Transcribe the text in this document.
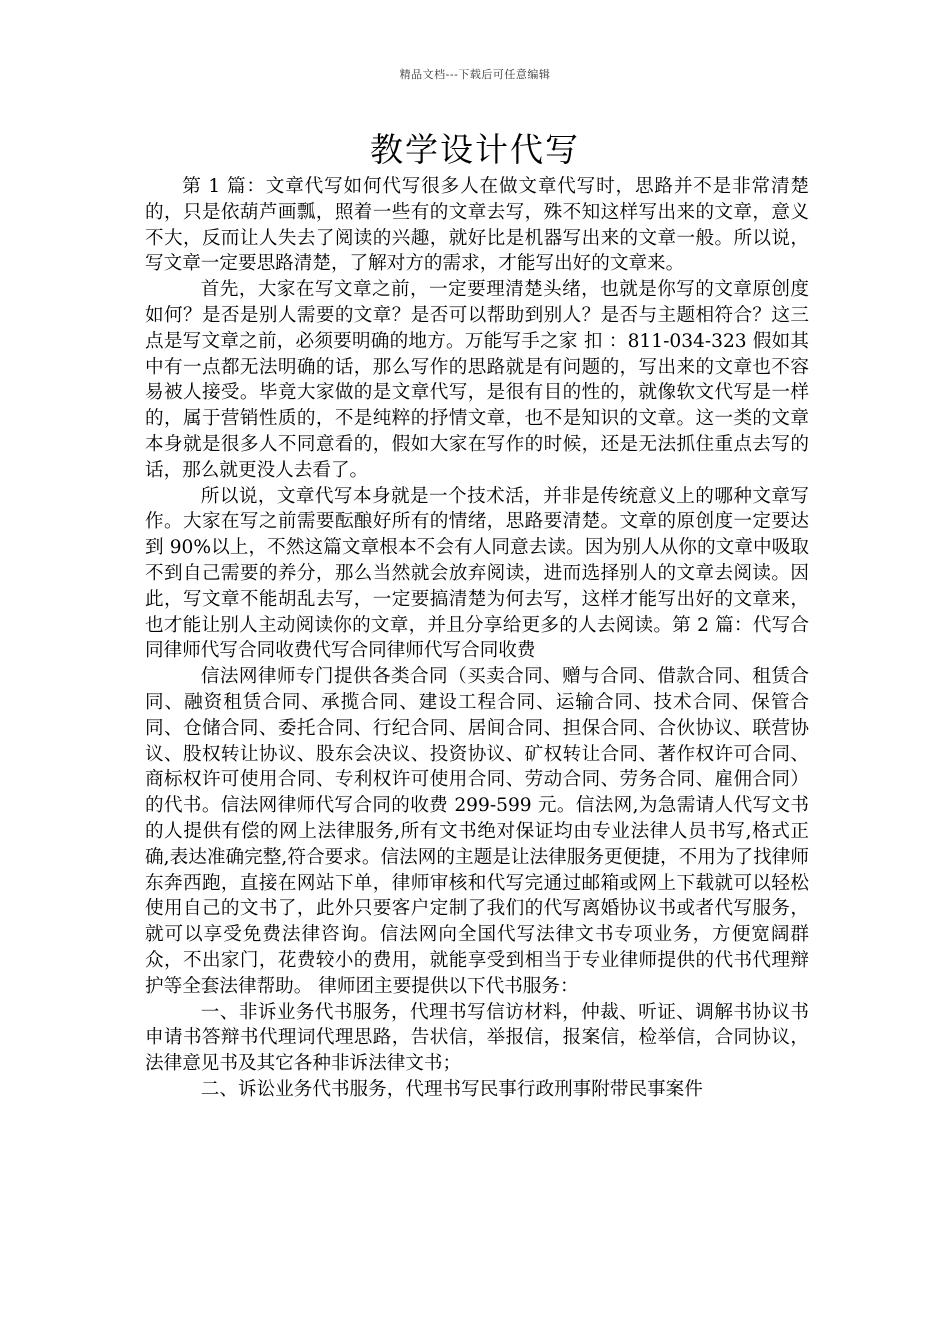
精品文档---下载后可任意编辑
教学设计代写

第 1 篇：文章代写如何代写很多人在做文章代写时，思路并不是非常清楚的，只是依葫芦画瓢，照着一些有的文章去写，殊不知这样写出来的文章，意义不大，反而让人失去了阅读的兴趣，就好比是机器写出来的文章一般。所以说，写文章一定要思路清楚，了解对方的需求，才能写出好的文章来。

首先，大家在写文章之前，一定要理清楚头绪，也就是你写的文章原创度如何？是否是别人需要的文章？是否可以帮助到别人？是否与主题相符合？这三点是写文章之前，必须要明确的地方。万能写手之家 扣 ：811-034-323 假如其中有一点都无法明确的话，那么写作的思路就是有问题的，写出来的文章也不容易被人接受。毕竟大家做的是文章代写，是很有目的性的，就像软文代写是一样的，属于营销性质的，不是纯粹的抒情文章，也不是知识的文章。这一类的文章本身就是很多人不同意看的，假如大家在写作的时候，还是无法抓住重点去写的话，那么就更没人去看了。

所以说，文章代写本身就是一个技术活，并非是传统意义上的哪种文章写作。大家在写之前需要酝酿好所有的情绪，思路要清楚。文章的原创度一定要达到 90%以上，不然这篇文章根本不会有人同意去读。因为别人从你的文章中吸取不到自己需要的养分，那么当然就会放弃阅读，进而选择别人的文章去阅读。因此，写文章不能胡乱去写，一定要搞清楚为何去写，这样才能写出好的文章来，也才能让别人主动阅读你的文章，并且分享给更多的人去阅读。第 2 篇：代写合同律师代写合同收费代写合同律师代写合同收费

信法网律师专门提供各类合同（买卖合同、赠与合同、借款合同、租赁合同、融资租赁合同、承揽合同、建设工程合同、运输合同、技术合同、保管合同、仓储合同、委托合同、行纪合同、居间合同、担保合同、合伙协议、联营协议、股权转让协议、股东会决议、投资协议、矿权转让合同、著作权许可合同、商标权许可使用合同、专利权许可使用合同、劳动合同、劳务合同、雇佣合同）的代书。信法网律师代写合同的收费 299-599 元。信法网,为急需请人代写文书的人提供有偿的网上法律服务,所有文书绝对保证均由专业法律人员书写,格式正确,表达准确完整,符合要求。信法网的主题是让法律服务更便捷，不用为了找律师东奔西跑，直接在网站下单，律师审核和代写完通过邮箱或网上下载就可以轻松使用自己的文书了，此外只要客户定制了我们的代写离婚协议书或者代写服务，就可以享受免费法律咨询。信法网向全国代写法律文书专项业务，方便宽阔群众，不出家门，花费较小的费用，就能享受到相当于专业律师提供的代书代理辩护等全套法律帮助。 律师团主要提供以下代书服务：

一、非诉业务代书服务，代理书写信访材料，仲裁、听证、调解书协议书申请书答辩书代理词代理思路，告状信，举报信，报案信，检举信，合同协议，法律意见书及其它各种非诉法律文书；

二、诉讼业务代书服务，代理书写民事行政刑事附带民事案件
